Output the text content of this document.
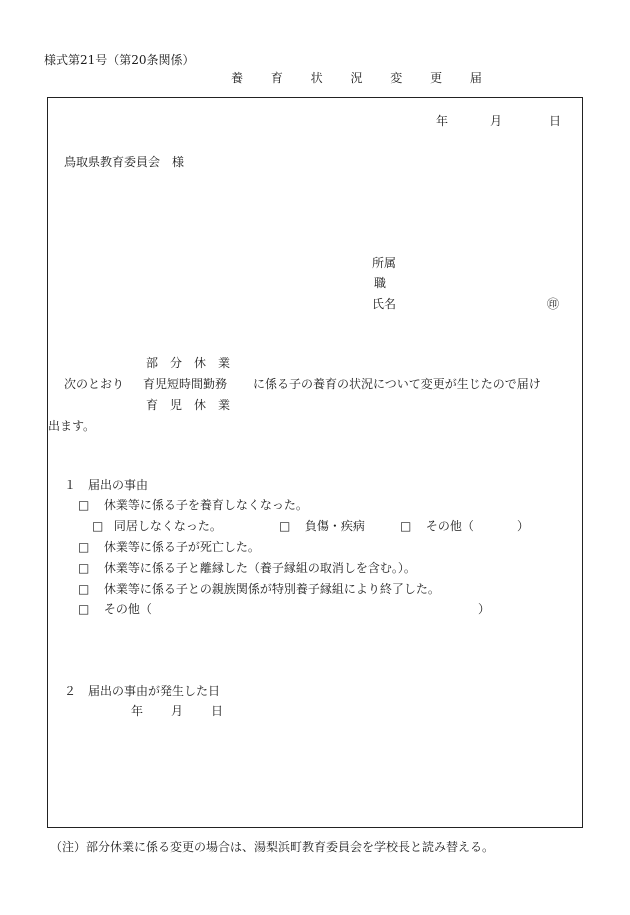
様式第21号（第20条関係）
養 育 状 況 変 更 届
年	月	日
鳥取県教育委員会　様
所属
職
氏名	㊞
部　分　休　業
次のとおり 育児短時間勤務 に係る子の養育の状況について変更が生じたので届け
育　児　休　業
出ます。
１　届出の事由
□ 休業等に係る子を養育しなくなった。
□ 同居しなくなった。	□ 負傷・疾病	□ その他（	）
□ 休業等に係る子が死亡した。
□ 休業等に係る子と離縁した（養子縁組の取消しを含む。）。
□ 休業等に係る子との親族関係が特別養子縁組により終了した。
□ その他（	）
２　届出の事由が発生した日
年 月 日
（注）部分休業に係る変更の場合は、湯梨浜町教育委員会を学校長と読み替える。
